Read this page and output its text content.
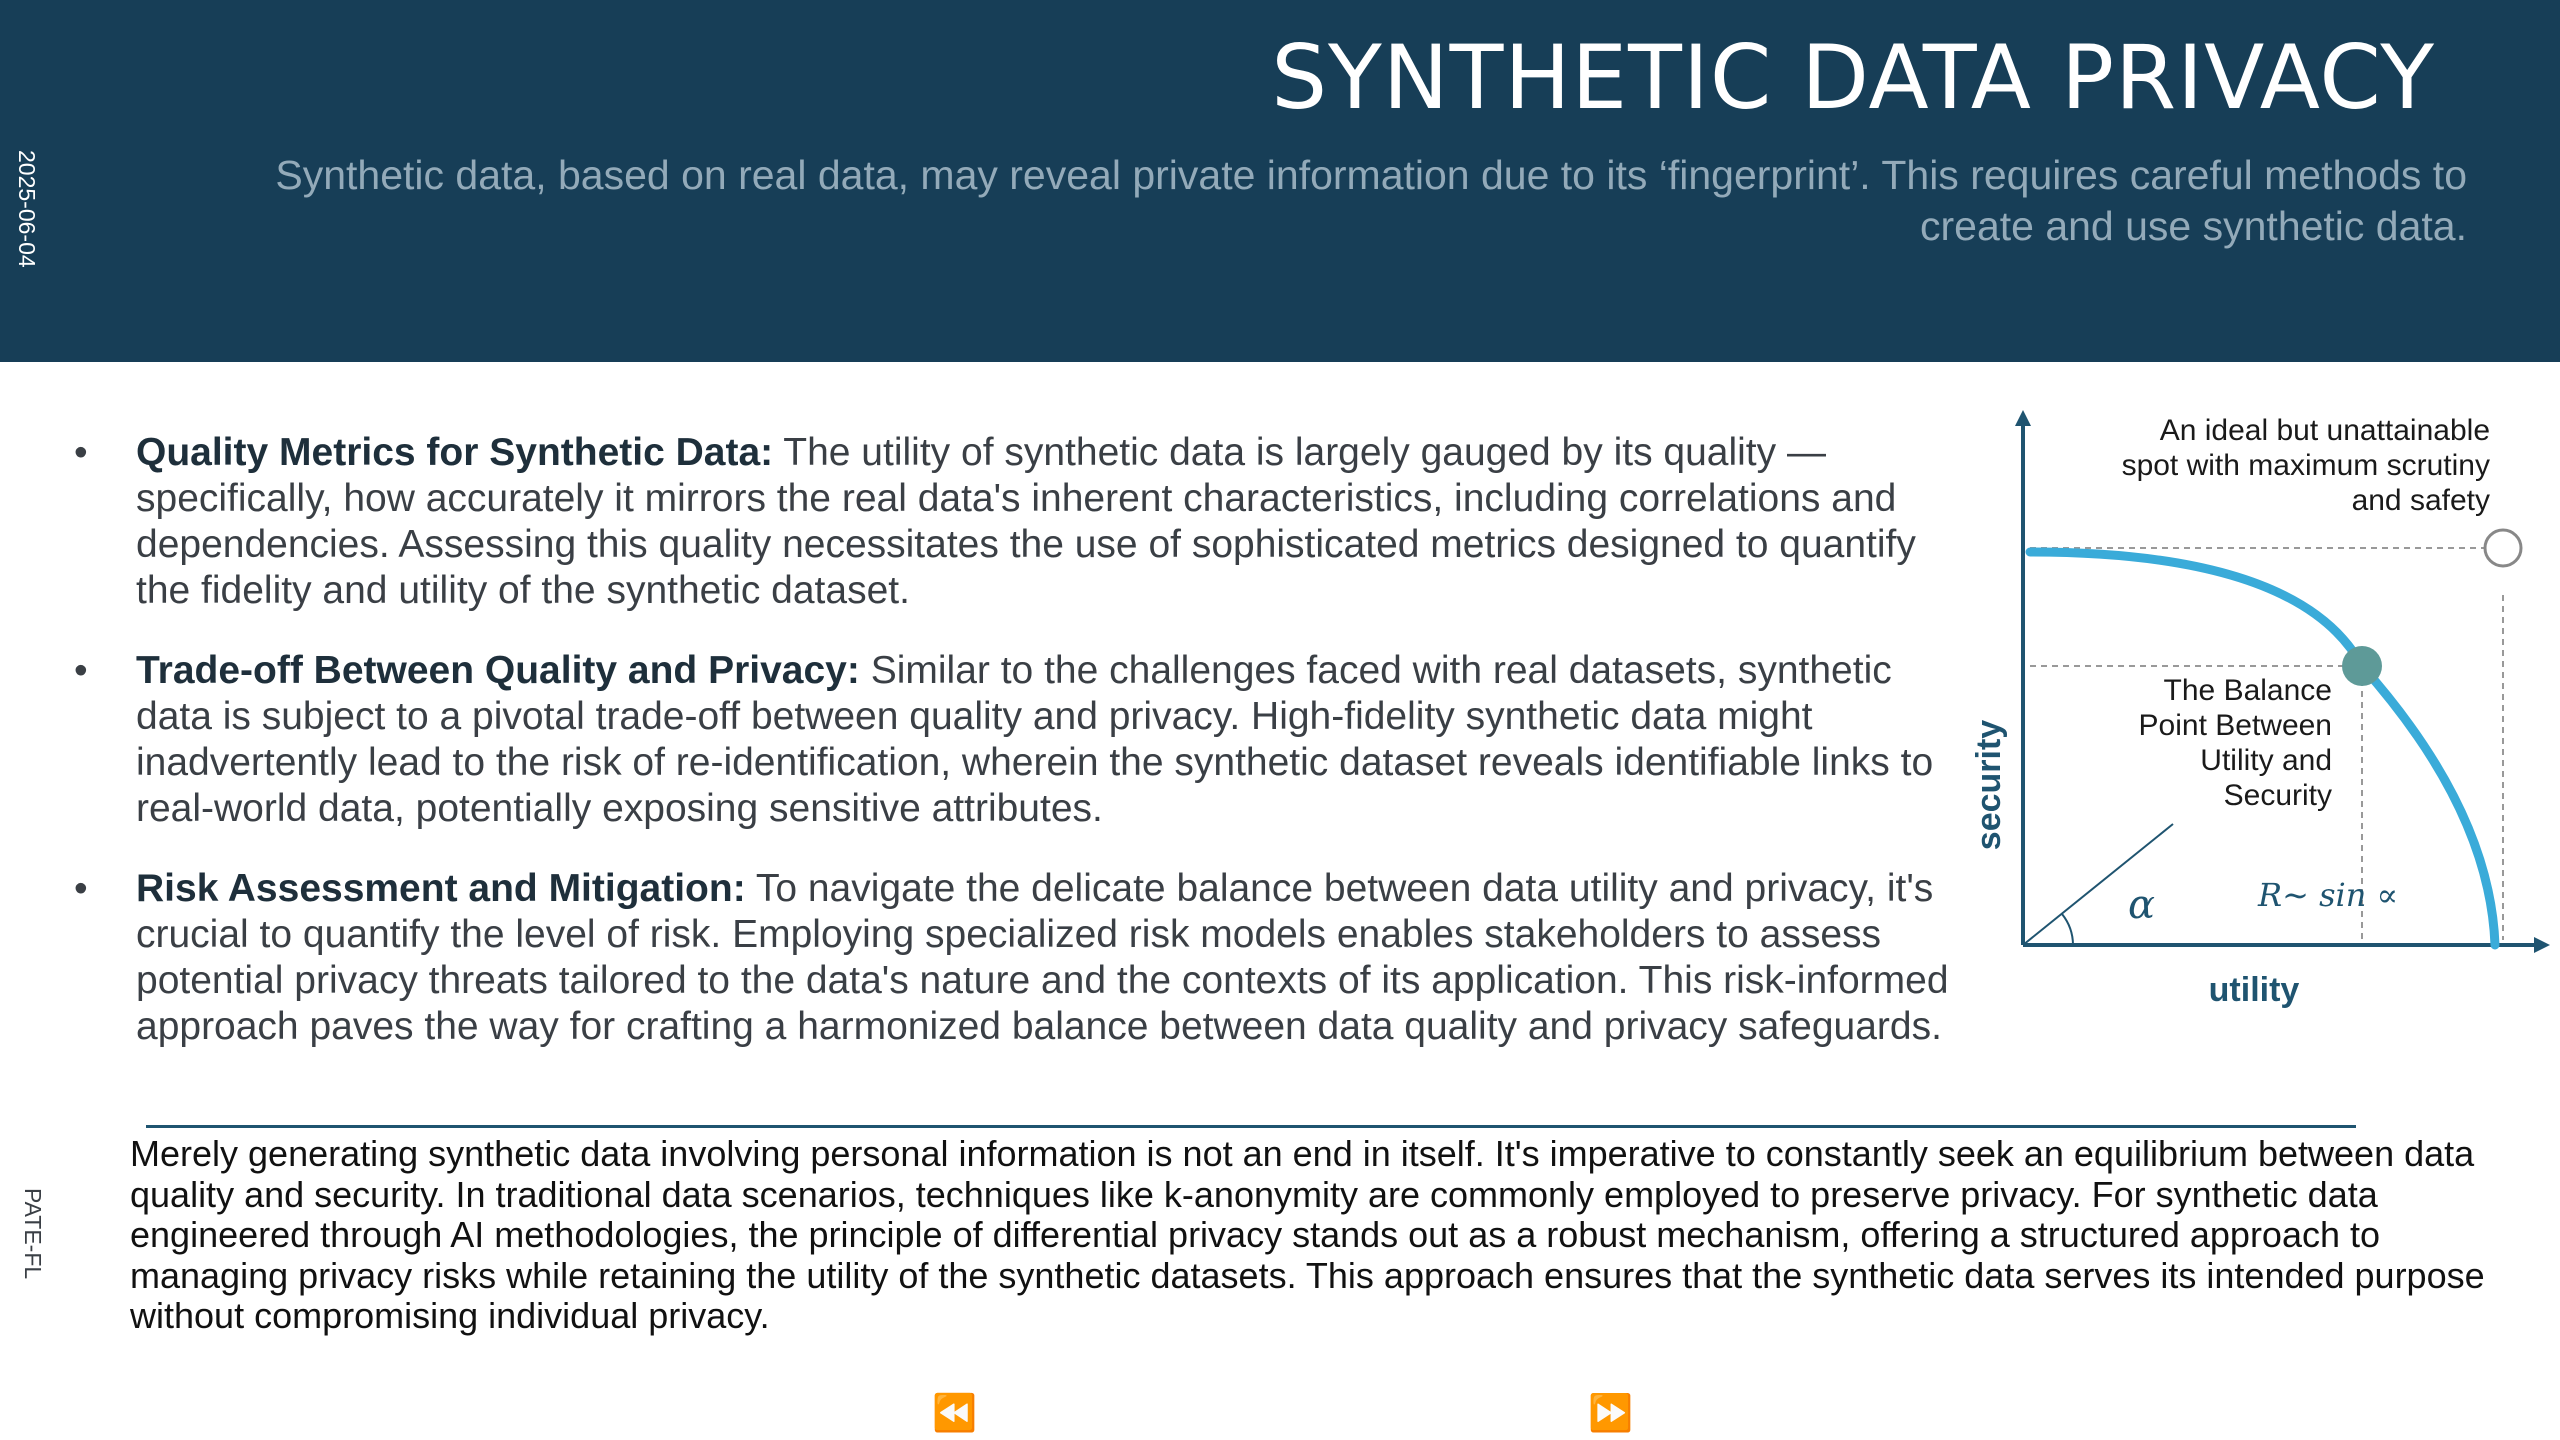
SYNTHETIC DATA PRIVACY
Synthetic data, based on real data, may reveal private information due to its ‘fingerprint’. This requires careful methods to create and use synthetic data.
2025-06-04
PATE-FL
• Quality Metrics for Synthetic Data: The utility of synthetic data is largely gauged by its quality — specifically, how accurately it mirrors the real data's inherent characteristics, including correlations and dependencies. Assessing this quality necessitates the use of sophisticated metrics designed to quantify the fidelity and utility of the synthetic dataset.
• Trade-off Between Quality and Privacy: Similar to the challenges faced with real datasets, synthetic data is subject to a pivotal trade-off between quality and privacy. High-fidelity synthetic data might inadvertently lead to the risk of re-identification, wherein the synthetic dataset reveals identifiable links to real-world data, potentially exposing sensitive attributes.
• Risk Assessment and Mitigation: To navigate the delicate balance between data utility and privacy, it's crucial to quantify the level of risk. Employing specialized risk models enables stakeholders to assess potential privacy threats tailored to the data's nature and the contexts of its application. This risk-informed approach paves the way for crafting a harmonized balance between data quality and privacy safeguards.
Merely generating synthetic data involving personal information is not an end in itself. It's imperative to constantly seek an equilibrium between data quality and security. In traditional data scenarios, techniques like k-anonymity are commonly employed to preserve privacy. For synthetic data engineered through AI methodologies, the principle of differential privacy stands out as a robust mechanism, offering a structured approach to managing privacy risks while retaining the utility of the synthetic datasets. This approach ensures that the synthetic data serves its intended purpose without compromising individual privacy.
α	R∼ sin ∝
security
utility
An ideal but unattainable
spot with maximum scrutiny
and safety
The Balance
Point Between
Utility and
Security
⏪	⏩
